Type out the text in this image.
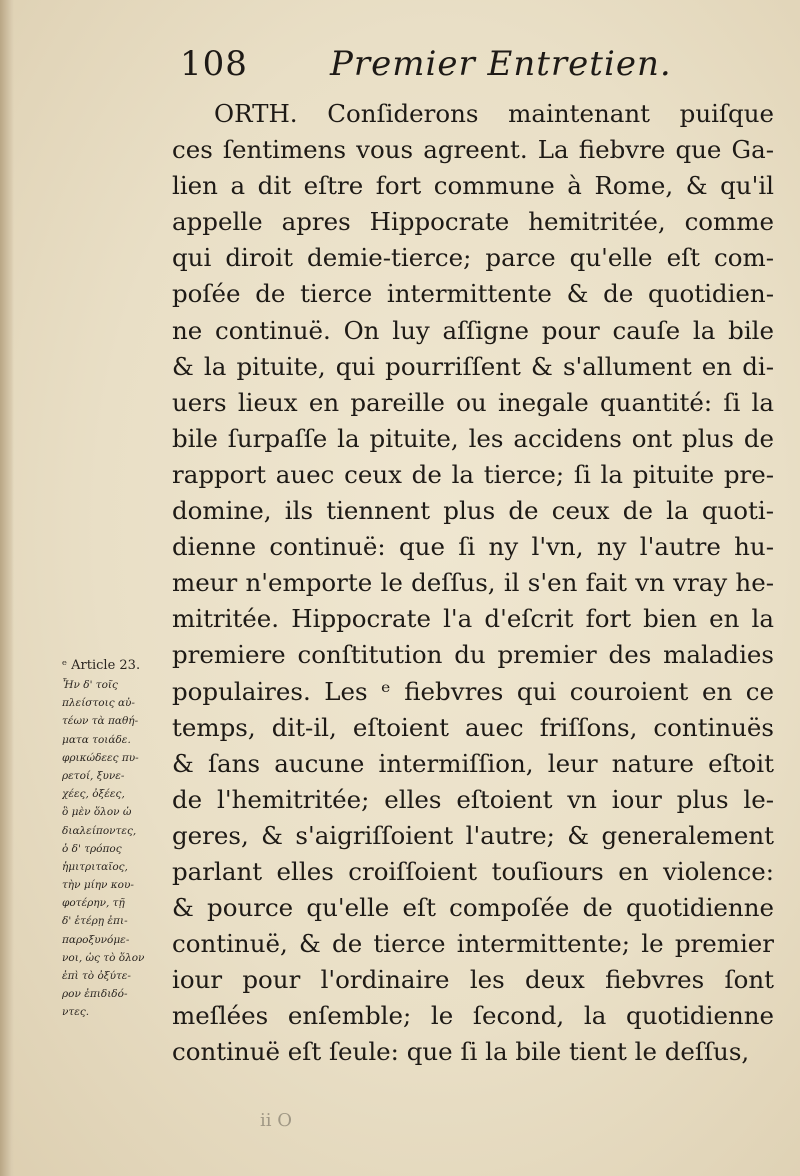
108 Premier Entretien.
ORTH. Conſiderons maintenant puiſque
ces ſentimens vous agreent. La fiebvre que Ga-
lien a dit eſtre fort commune à Rome, & qu'il
appelle apres Hippocrate hemitritée, comme
qui diroit demie-tierce; parce qu'elle eſt com-
poſée de tierce intermittente & de quotidien-
ne continuë. On luy aſſigne pour cauſe la bile
& la pituite, qui pourriſſent & s'allument en di-
uers lieux en pareille ou inegale quantité: ſi la
bile ſurpaſſe la pituite, les accidens ont plus de
rapport auec ceux de la tierce; ſi la pituite pre-
domine, ils tiennent plus de ceux de la quoti-
dienne continuë: que ſi ny l'vn, ny l'autre hu-
meur n'emporte le deſſus, il s'en fait vn vray he-
mitritée. Hippocrate l'a d'eſcrit fort bien en la
premiere conſtitution du premier des maladies
populaires. Les ᵉ fiebvres qui couroient en ce
temps, dit-il, eſtoient auec friſſons, continuës
& ſans aucune intermiſſion, leur nature eſtoit
de l'hemitritée; elles eſtoient vn iour plus le-
geres, & s'aigriſſoient l'autre; & generalement
parlant elles croiſſoient touſiours en violence:
& pource qu'elle eſt compoſée de quotidienne
continuë, & de tierce intermittente; le premier
iour pour l'ordinaire les deux fiebvres ſont
meſlées enſemble; le ſecond, la quotidienne
continuë eſt ſeule: que ſi la bile tient le deſſus,
ᵉ Article 23.
Ἦν δ' τοῖς
πλείστοις αὐ-
τέων τὰ παθή-
ματα τοιάδε.
φρικώδεες πυ-
ρετοί, ξυνε-
χέες, ὀξέες,
ὃ μὲν ὅλον ὡ
διαλείποντες,
ὁ δ' τρόπος
ἡμιτριταῖος,
τὴν μίην κου-
φοτέρην, τῇ
δ' ἑτέρῃ ἐπι-
παροξυνόμε-
νοι, ὡς τὸ ὅλον
ἐπὶ τὸ ὀξύτε-
ρον ἐπιδιδό-
ντες.
ii O
